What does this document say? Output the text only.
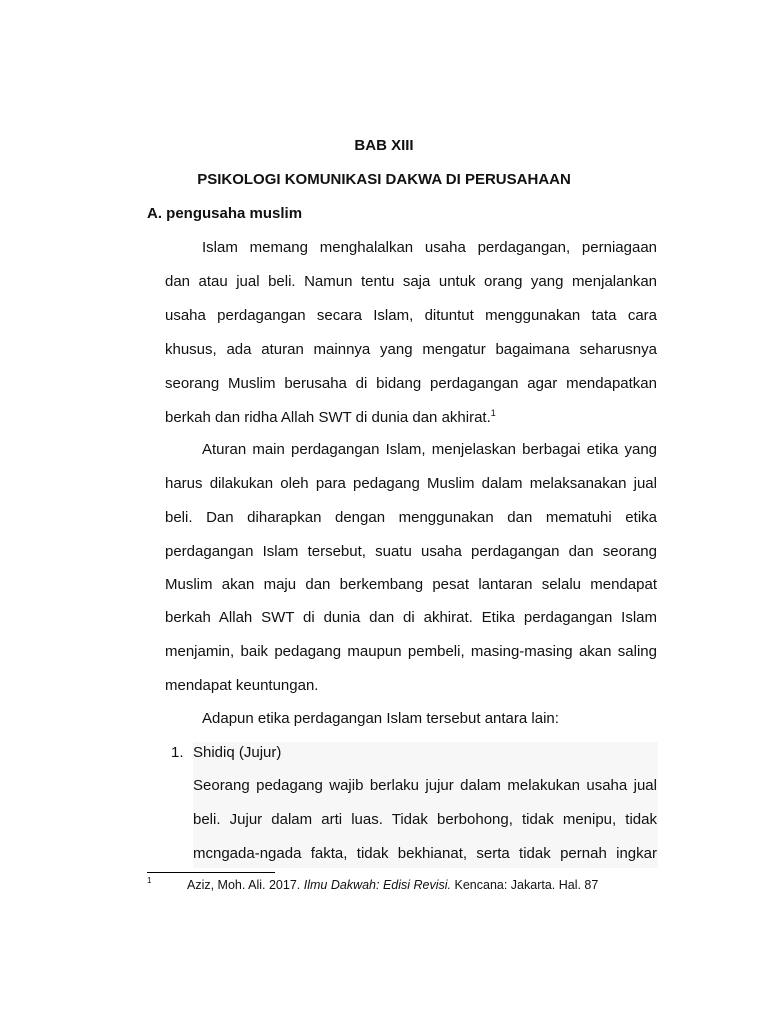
BAB XIII
PSIKOLOGI KOMUNIKASI DAKWA DI PERUSAHAAN
A. pengusaha muslim
Islam memang menghalalkan usaha perdagangan, perniagaan
dan atau jual beli. Namun tentu saja untuk orang yang menjalankan
usaha perdagangan secara Islam, dituntut menggunakan tata cara
khusus, ada aturan mainnya yang mengatur bagaimana seharusnya
seorang Muslim berusaha di bidang perdagangan agar mendapatkan
berkah dan ridha Allah SWT di dunia dan akhirat.$^1$
Aturan main perdagangan Islam, menjelaskan berbagai etika yang
harus dilakukan oleh para pedagang Muslim dalam melaksanakan jual
beli. Dan diharapkan dengan menggunakan dan mematuhi etika
perdagangan Islam tersebut, suatu usaha perdagangan dan seorang
Muslim akan maju dan berkembang pesat lantaran selalu mendapat
berkah Allah SWT di dunia dan di akhirat. Etika perdagangan Islam
menjamin, baik pedagang maupun pembeli, masing-masing akan saling
mendapat keuntungan.
Adapun etika perdagangan Islam tersebut antara lain:
1. Shidiq (Jujur)
Seorang pedagang wajib berlaku jujur dalam melakukan usaha jual
beli. Jujur dalam arti luas. Tidak berbohong, tidak menipu, tidak
mcngada-ngada fakta, tidak bekhianat, serta tidak pernah ingkar
1	Aziz, Moh. Ali. 2017. Ilmu Dakwah: Edisi Revisi. Kencana: Jakarta. Hal. 87
